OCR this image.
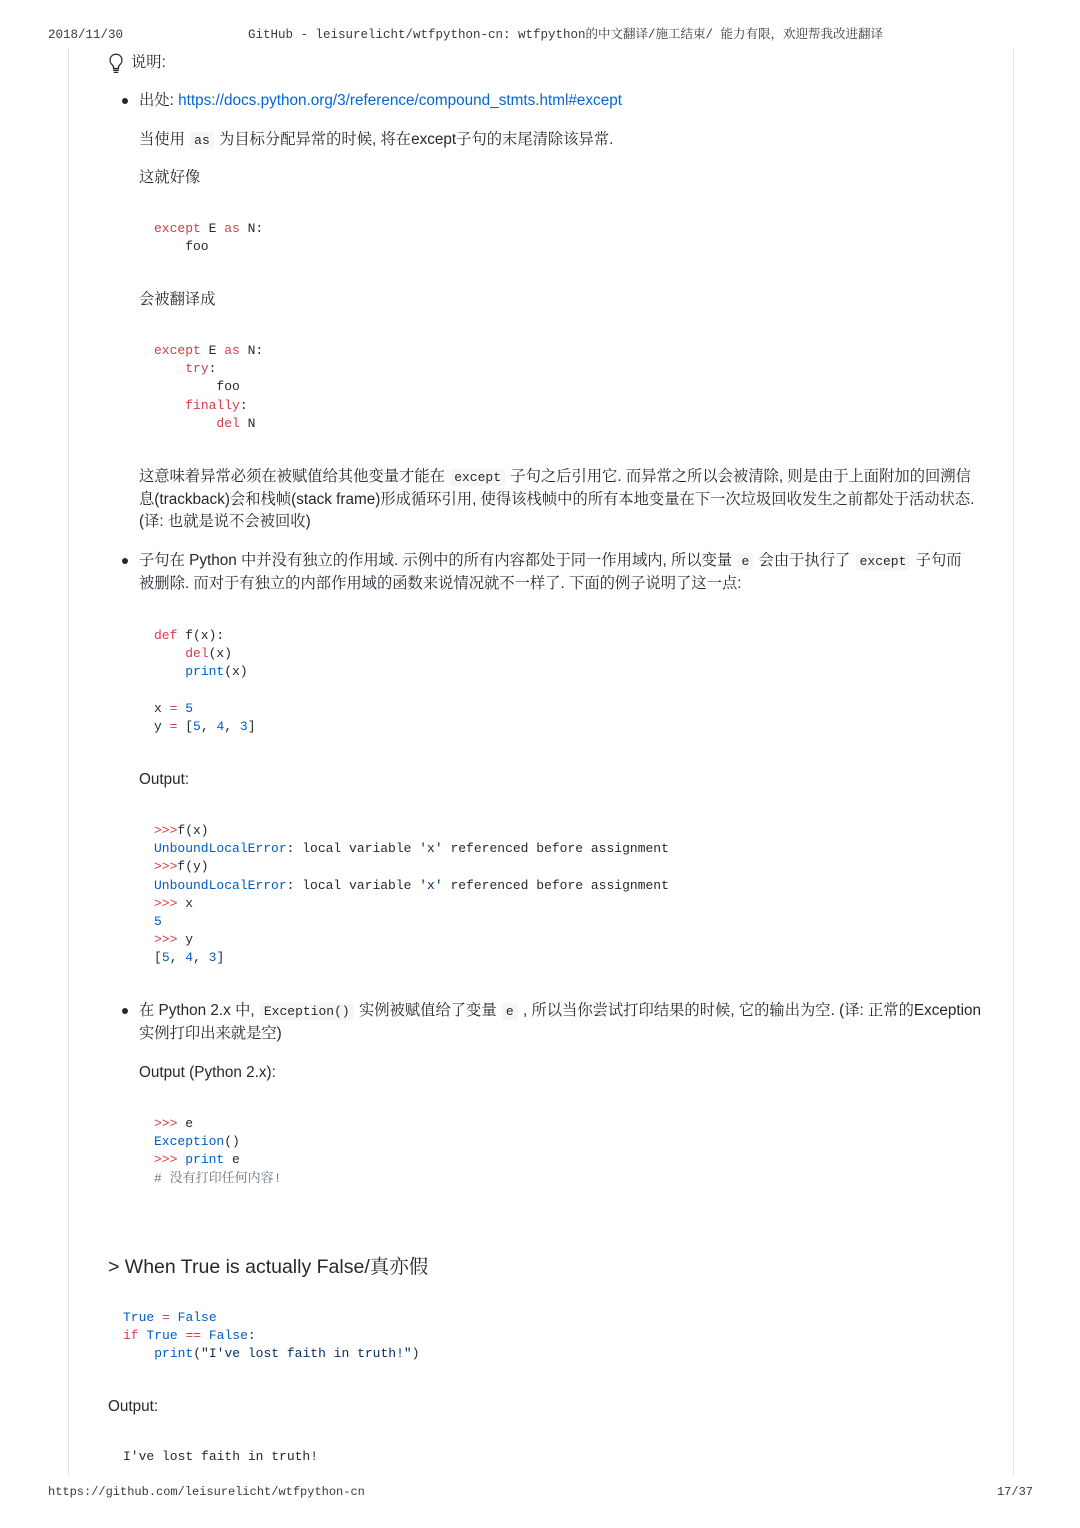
2018/11/30	GitHub - leisurelicht/wtfpython-cn: wtfpython的中文翻译/施工结束/ 能力有限，欢迎帮我改进翻译
说明:
出处: https://docs.python.org/3/reference/compound_stmts.html#except
当使用 as 为目标分配异常的时候, 将在except子句的末尾清除该异常.
这就好像
except E as N:
foo
会被翻译成
except E as N:
try:
foo
finally:
del N
这意味着异常必须在被赋值给其他变量才能在 except 子句之后引用它. 而异常之所以会被清除, 则是由于上面附加的回溯信
息(trackback)会和栈帧(stack frame)形成循环引用, 使得该栈帧中的所有本地变量在下一次垃圾回收发生之前都处于活动状态.
(译: 也就是说不会被回收)
子句在 Python 中并没有独立的作用域. 示例中的所有内容都处于同一作用域内, 所以变量 e 会由于执行了 except 子句而
被删除. 而对于有独立的内部作用域的函数来说情况就不一样了. 下面的例子说明了这一点:
def f(x):
del(x)
print(x)
x = 5
y = [5, 4, 3]
Output:
>>>f(x)
UnboundLocalError: local variable 'x' referenced before assignment
>>>f(y)
UnboundLocalError: local variable 'x' referenced before assignment
>>> x
5
>>> y
[5, 4, 3]
在 Python 2.x 中, Exception() 实例被赋值给了变量 e , 所以当你尝试打印结果的时候, 它的输出为空. (译: 正常的Exception
实例打印出来就是空)
Output (Python 2.x):
>>> e
Exception()
>>> print e
# 没有打印任何内容!
> When True is actually False/真亦假
True = False
if True == False:
print("I've lost faith in truth!")
Output:
I've lost faith in truth!
https://github.com/leisurelicht/wtfpython-cn	17/37
